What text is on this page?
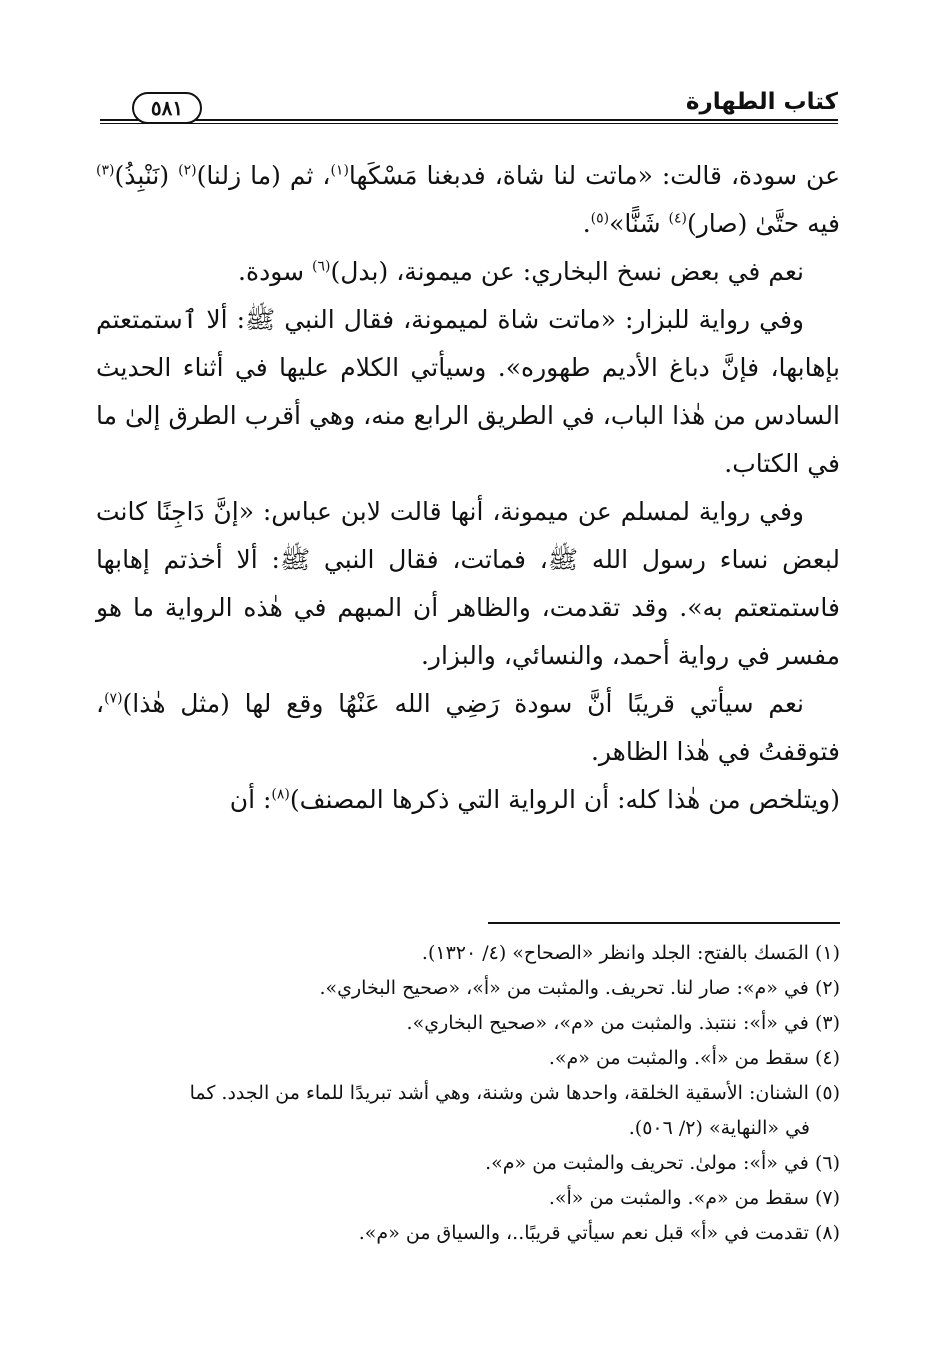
كتاب الطهارة
٥٨١

عن سودة، قالت: «ماتت لنا شاة، فدبغنا مَسْكَها$^{(١)}$، ثم (ما زلنا)$^{(٢)}$ (نَنْبِذُ)$^{(٣)}$ فيه حتَّىٰ (صار)$^{(٤)}$ شَنًّا»$^{(٥)}$.

نعم في بعض نسخ البخاري: عن ميمونة، (بدل)$^{(٦)}$ سودة.

وفي رواية للبزار: «ماتت شاة لميمونة، فقال النبي ﷺ: ألا ٱستمتعتم بإهابها، فإنَّ دباغ الأديم طهوره». وسيأتي الكلام عليها في أثناء الحديث السادس من هٰذا الباب، في الطريق الرابع منه، وهي أقرب الطرق إلىٰ ما في الكتاب.

وفي رواية لمسلم عن ميمونة، أنها قالت لابن عباس: «إنَّ دَاجِنًا كانت لبعض نساء رسول الله ﷺ، فماتت، فقال النبي ﷺ: ألا أخذتم إهابها فاستمتعتم به». وقد تقدمت، والظاهر أن المبهم في هٰذه الرواية ما هو مفسر في رواية أحمد، والنسائي، والبزار.

نعم سيأتي قريبًا أنَّ سودة رَضِي الله عَنْهُا وقع لها (مثل هٰذا)$^{(٧)}$، فتوقفتُ في هٰذا الظاهر.

(ويتلخص من هٰذا كله: أن الرواية التي ذكرها المصنف)$^{(٨)}$: أن

(١) المَسك بالفتح: الجلد وانظر «الصحاح» (٤/ ١٣٢٠).

(٢) في «م»: صار لنا. تحريف. والمثبت من «أ»، «صحيح البخاري».

(٣) في «أ»: ننتبذ. والمثبت من «م»، «صحيح البخاري».

(٤) سقط من «أ». والمثبت من «م».

(٥) الشنان: الأسقية الخلقة، واحدها شن وشنة، وهي أشد تبريدًا للماء من الجدد. كما
في «النهاية» (٢/ ٥٠٦).

(٦) في «أ»: مولىٰ. تحريف والمثبت من «م».

(٧) سقط من «م». والمثبت من «أ».

(٨) تقدمت في «أ» قبل نعم سيأتي قريبًا..، والسياق من «م».
